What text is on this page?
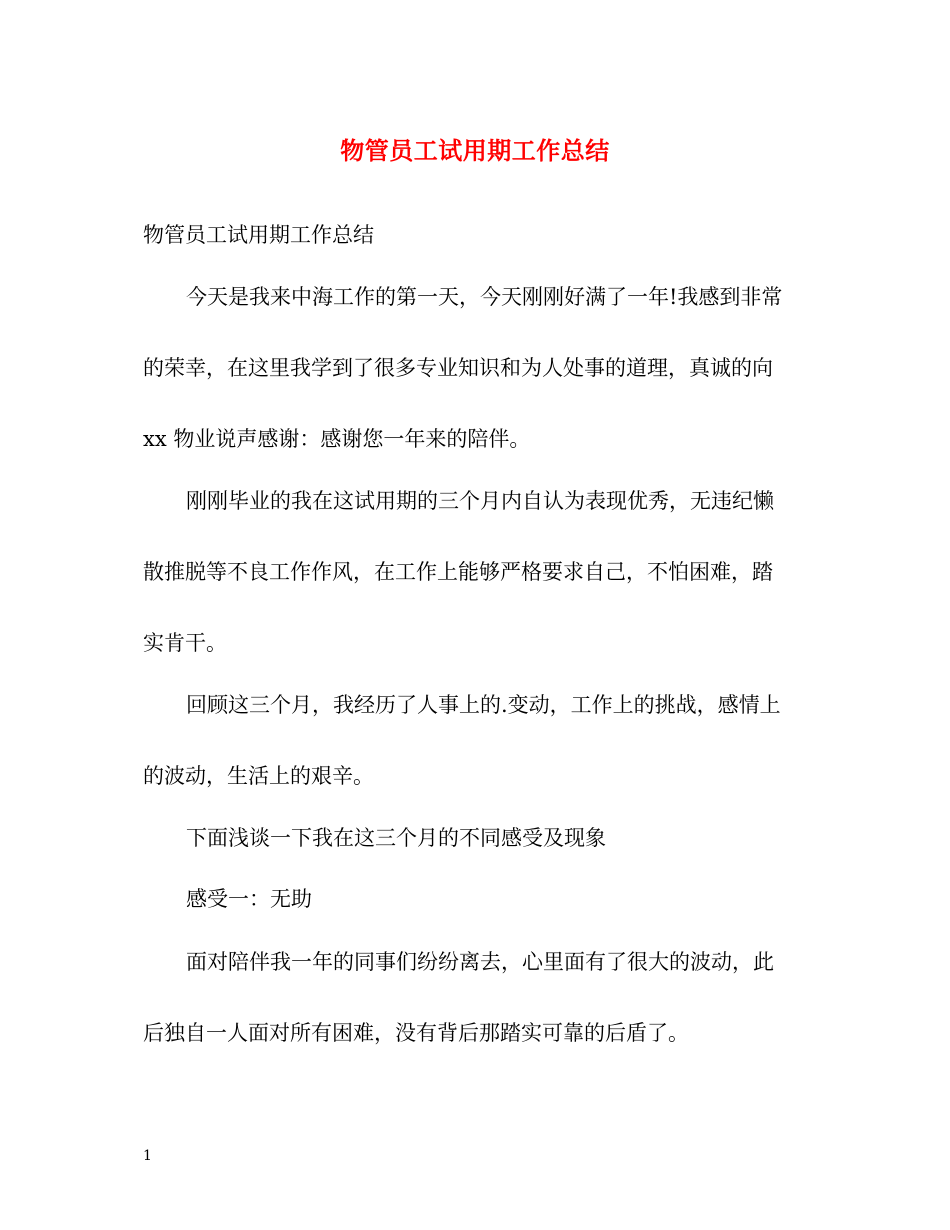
物管员工试用期工作总结
物管员工试用期工作总结
今天是我来中海工作的第一天，今天刚刚好满了一年!我感到非常
的荣幸，在这里我学到了很多专业知识和为人处事的道理，真诚的向
xx 物业说声感谢：感谢您一年来的陪伴。
刚刚毕业的我在这试用期的三个月内自认为表现优秀，无违纪懒
散推脱等不良工作作风，在工作上能够严格要求自己，不怕困难，踏
实肯干。
回顾这三个月，我经历了人事上的.变动，工作上的挑战，感情上
的波动，生活上的艰辛。
下面浅谈一下我在这三个月的不同感受及现象
感受一：无助
面对陪伴我一年的同事们纷纷离去，心里面有了很大的波动，此
后独自一人面对所有困难，没有背后那踏实可靠的后盾了。
1
